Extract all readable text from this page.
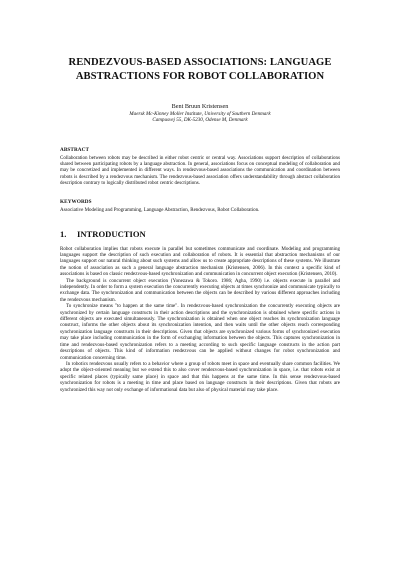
RENDEZVOUS-BASED ASSOCIATIONS: LANGUAGE
ABSTRACTIONS FOR ROBOT COLLABORATION
Bent Bruun Kristensen
Maersk Mc-Kinney Moller Institute, University of Southern Denmark
Campusvej 55, DK-5230, Odense M, Denmark
ABSTRACT
Collaboration between robots may be described in either robot centric or central way. Associations support description of collaborations shared between participating robots by a language abstraction. In general, associations focus on conceptual modeling of collaboration and may be concretized and implemented in different ways. In rendezvous-based associations the communication and coordination between robots is described by a rendezvous mechanism. The rendezvous-based association offers understandability through abstract collaboration description contrary to logically distributed robot centric descriptions.
KEYWORDS
Associative Modeling and Programming, Language Abstraction, Rendezvous, Robot Collaboration.
1. INTRODUCTION

Robot collaboration implies that robots execute in parallel but sometimes communicate and coordinate. Modeling and programming languages support the description of such execution and collaboration of robots. It is essential that abstraction mechanisms of our languages support our natural thinking about such systems and allow us to create appropriate descriptions of these systems. We illustrate the notion of association as such a general language abstraction mechanism (Kristensen, 2006). In this context a specific kind of associations is based on classic rendezvous-based synchronization and communication in concurrent object execution (Kristensen, 2010).

The background is concurrent object execution (Yonezawa & Tokoro. 1986; Agha, 1990) i.e. objects execute in parallel and independently. In order to form a system execution the concurrently executing objects at times synchronize and communicate typically to exchange data. The synchronization and communication between the objects can be described by various different approaches including the rendezvous mechanism.

To synchronize means "to happen at the same time". In rendezvous-based synchronization the concurrently executing objects are synchronized by certain language constructs in their action descriptions and the synchronization is obtained where specific actions in different objects are executed simultaneously. The synchronization is obtained when one object reaches its synchronization language construct, informs the other objects about its synchronization intention, and then waits until the other objects reach corresponding synchronization language constructs in their descriptions. Given that objects are synchronized various forms of synchronized execution may take place including communication in the form of exchanging information between the objects. This captures synchronization in time and rendezvous-based synchronization refers to a meeting according to such specific language constructs in the action part descriptions of objects. This kind of information rendezvous can be applied without changes for robot synchronization and communication concerning time.

In robotics rendezvous usually refers to a behavior where a group of robots meet in space and eventually share common facilities. We adopt the object-oriented meaning but we extend this to also cover rendezvous-based synchronization in space, i.e. that robots exist at specific related places (typically same place) in space and that this happens at the same time. In this sense rendezvous-based synchronization for robots is a meeting in time and place based on language constructs in their descriptions. Given that robots are synchronized this way not only exchange of informational data but also of physical material may take place.
